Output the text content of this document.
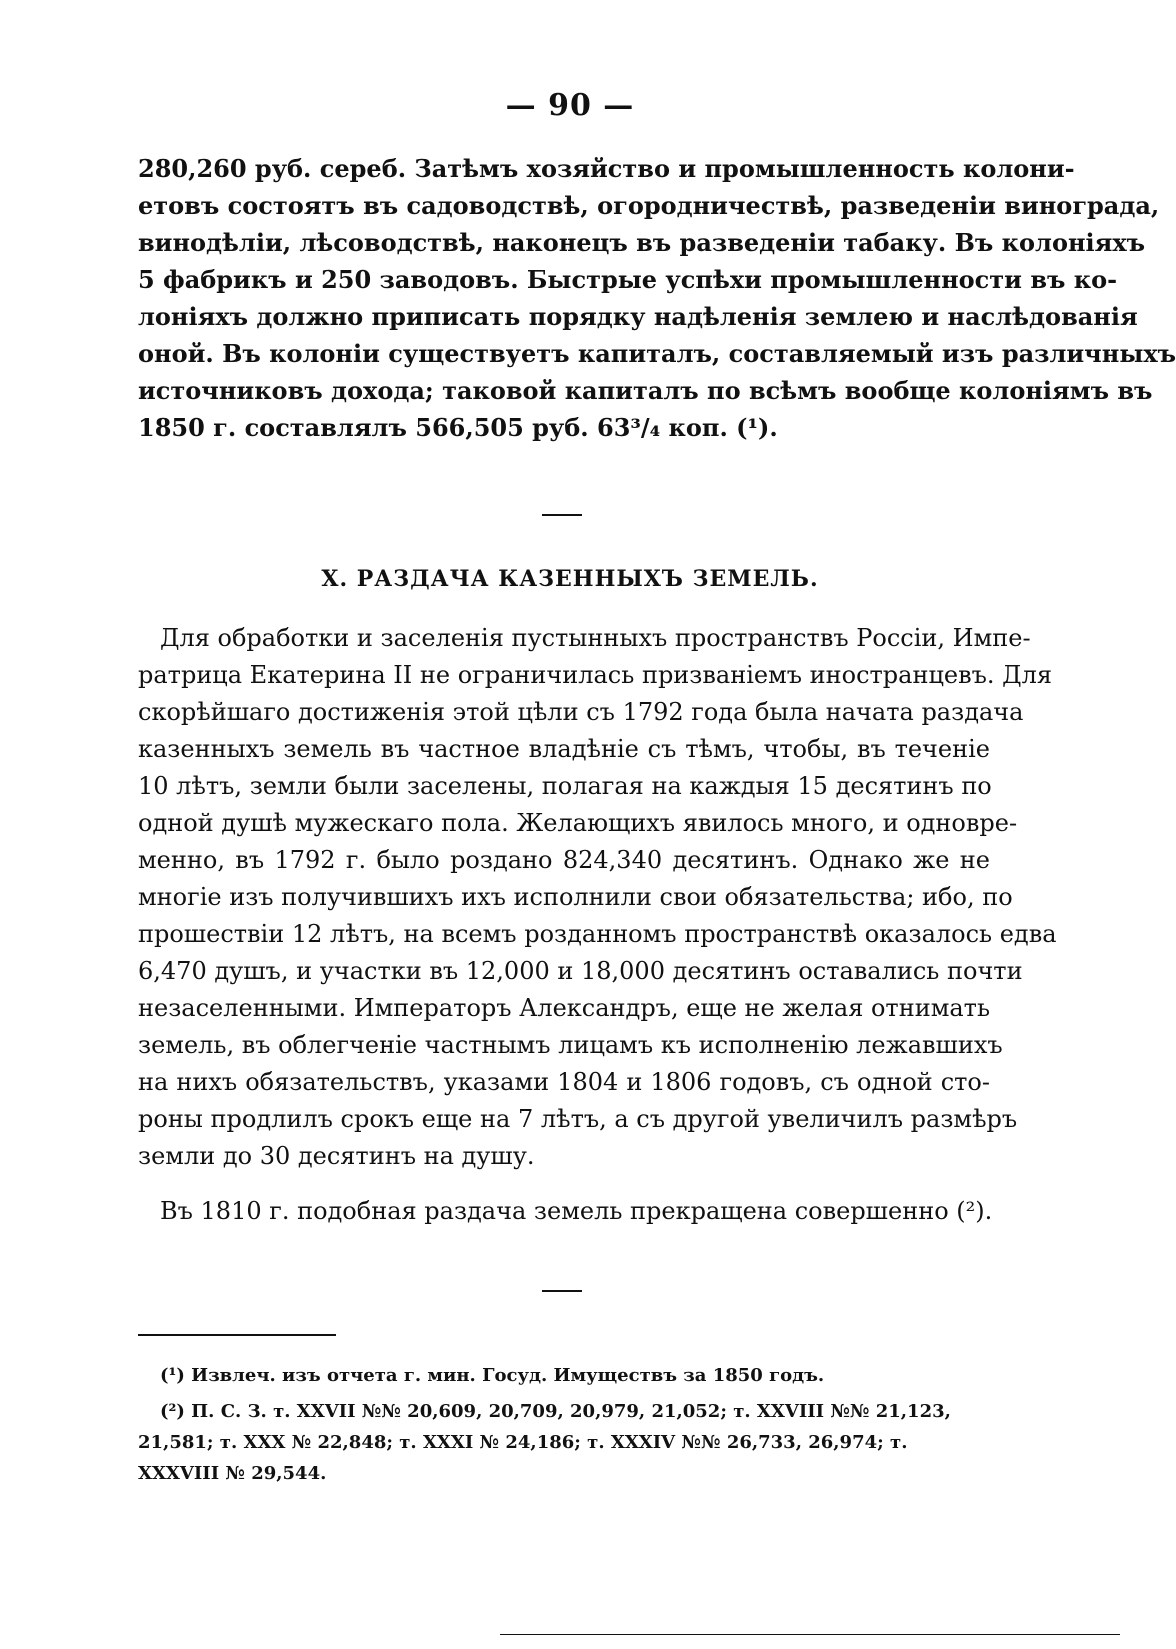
— 90 —

280,260 руб. сереб. Затѣмъ хозяйство и промышленность колони-
етовъ состоятъ въ садоводствѣ, огородничествѣ, разведеніи винограда,
винодѣліи, лѣсоводствѣ, наконецъ въ разведеніи табаку. Въ колоніяхъ
5 фабрикъ и 250 заводовъ. Быстрые успѣхи промышленности въ ко-
лоніяхъ должно приписать порядку надѣленія землею и наслѣдованія
оной. Въ колоніи существуетъ капиталъ, составляемый изъ различныхъ
источниковъ дохода; таковой капиталъ по всѣмъ вообще колоніямъ въ
1850 г. составлялъ 566,505 руб. 63³/₄ коп. (¹).

X. РАЗДАЧА КАЗЕННЫХЪ ЗЕМЕЛЬ.

Для обработки и заселенія пустынныхъ пространствъ Россіи, Импе-
ратрица Екатерина II не ограничилась призваніемъ иностранцевъ. Для
скорѣйшаго достиженія этой цѣли съ 1792 года была начата раздача
казенныхъ земель въ частное владѣніе съ тѣмъ, чтобы, въ теченіе
10 лѣтъ, земли были заселены, полагая на каждыя 15 десятинъ по
одной душѣ мужескаго пола. Желающихъ явилось много, и одновре-
менно, въ 1792 г. было роздано 824,340 десятинъ. Однако же не
многіе изъ получившихъ ихъ исполнили свои обязательства; ибо, по
прошествіи 12 лѣтъ, на всемъ розданномъ пространствѣ оказалось едва
6,470 душъ, и участки въ 12,000 и 18,000 десятинъ оставались почти
незаселенными. Императоръ Александръ, еще не желая отнимать
земель, въ облегченіе частнымъ лицамъ къ исполненію лежавшихъ
на нихъ обязательствъ, указами 1804 и 1806 годовъ, съ одной сто-
роны продлилъ срокъ еще на 7 лѣтъ, а съ другой увеличилъ размѣръ
земли до 30 десятинъ на душу.

Въ 1810 г. подобная раздача земель прекращена совершенно (²).

(¹) Извлеч. изъ отчета г. мин. Госуд. Имуществъ за 1850 годъ.

(²) П. С. З. т. XXVII №№ 20,609, 20,709, 20,979, 21,052; т. XXVIII №№ 21,123,
21,581; т. XXX № 22,848; т. XXXI № 24,186; т. XXXIV №№ 26,733, 26,974; т.
XXXVIII № 29,544.
